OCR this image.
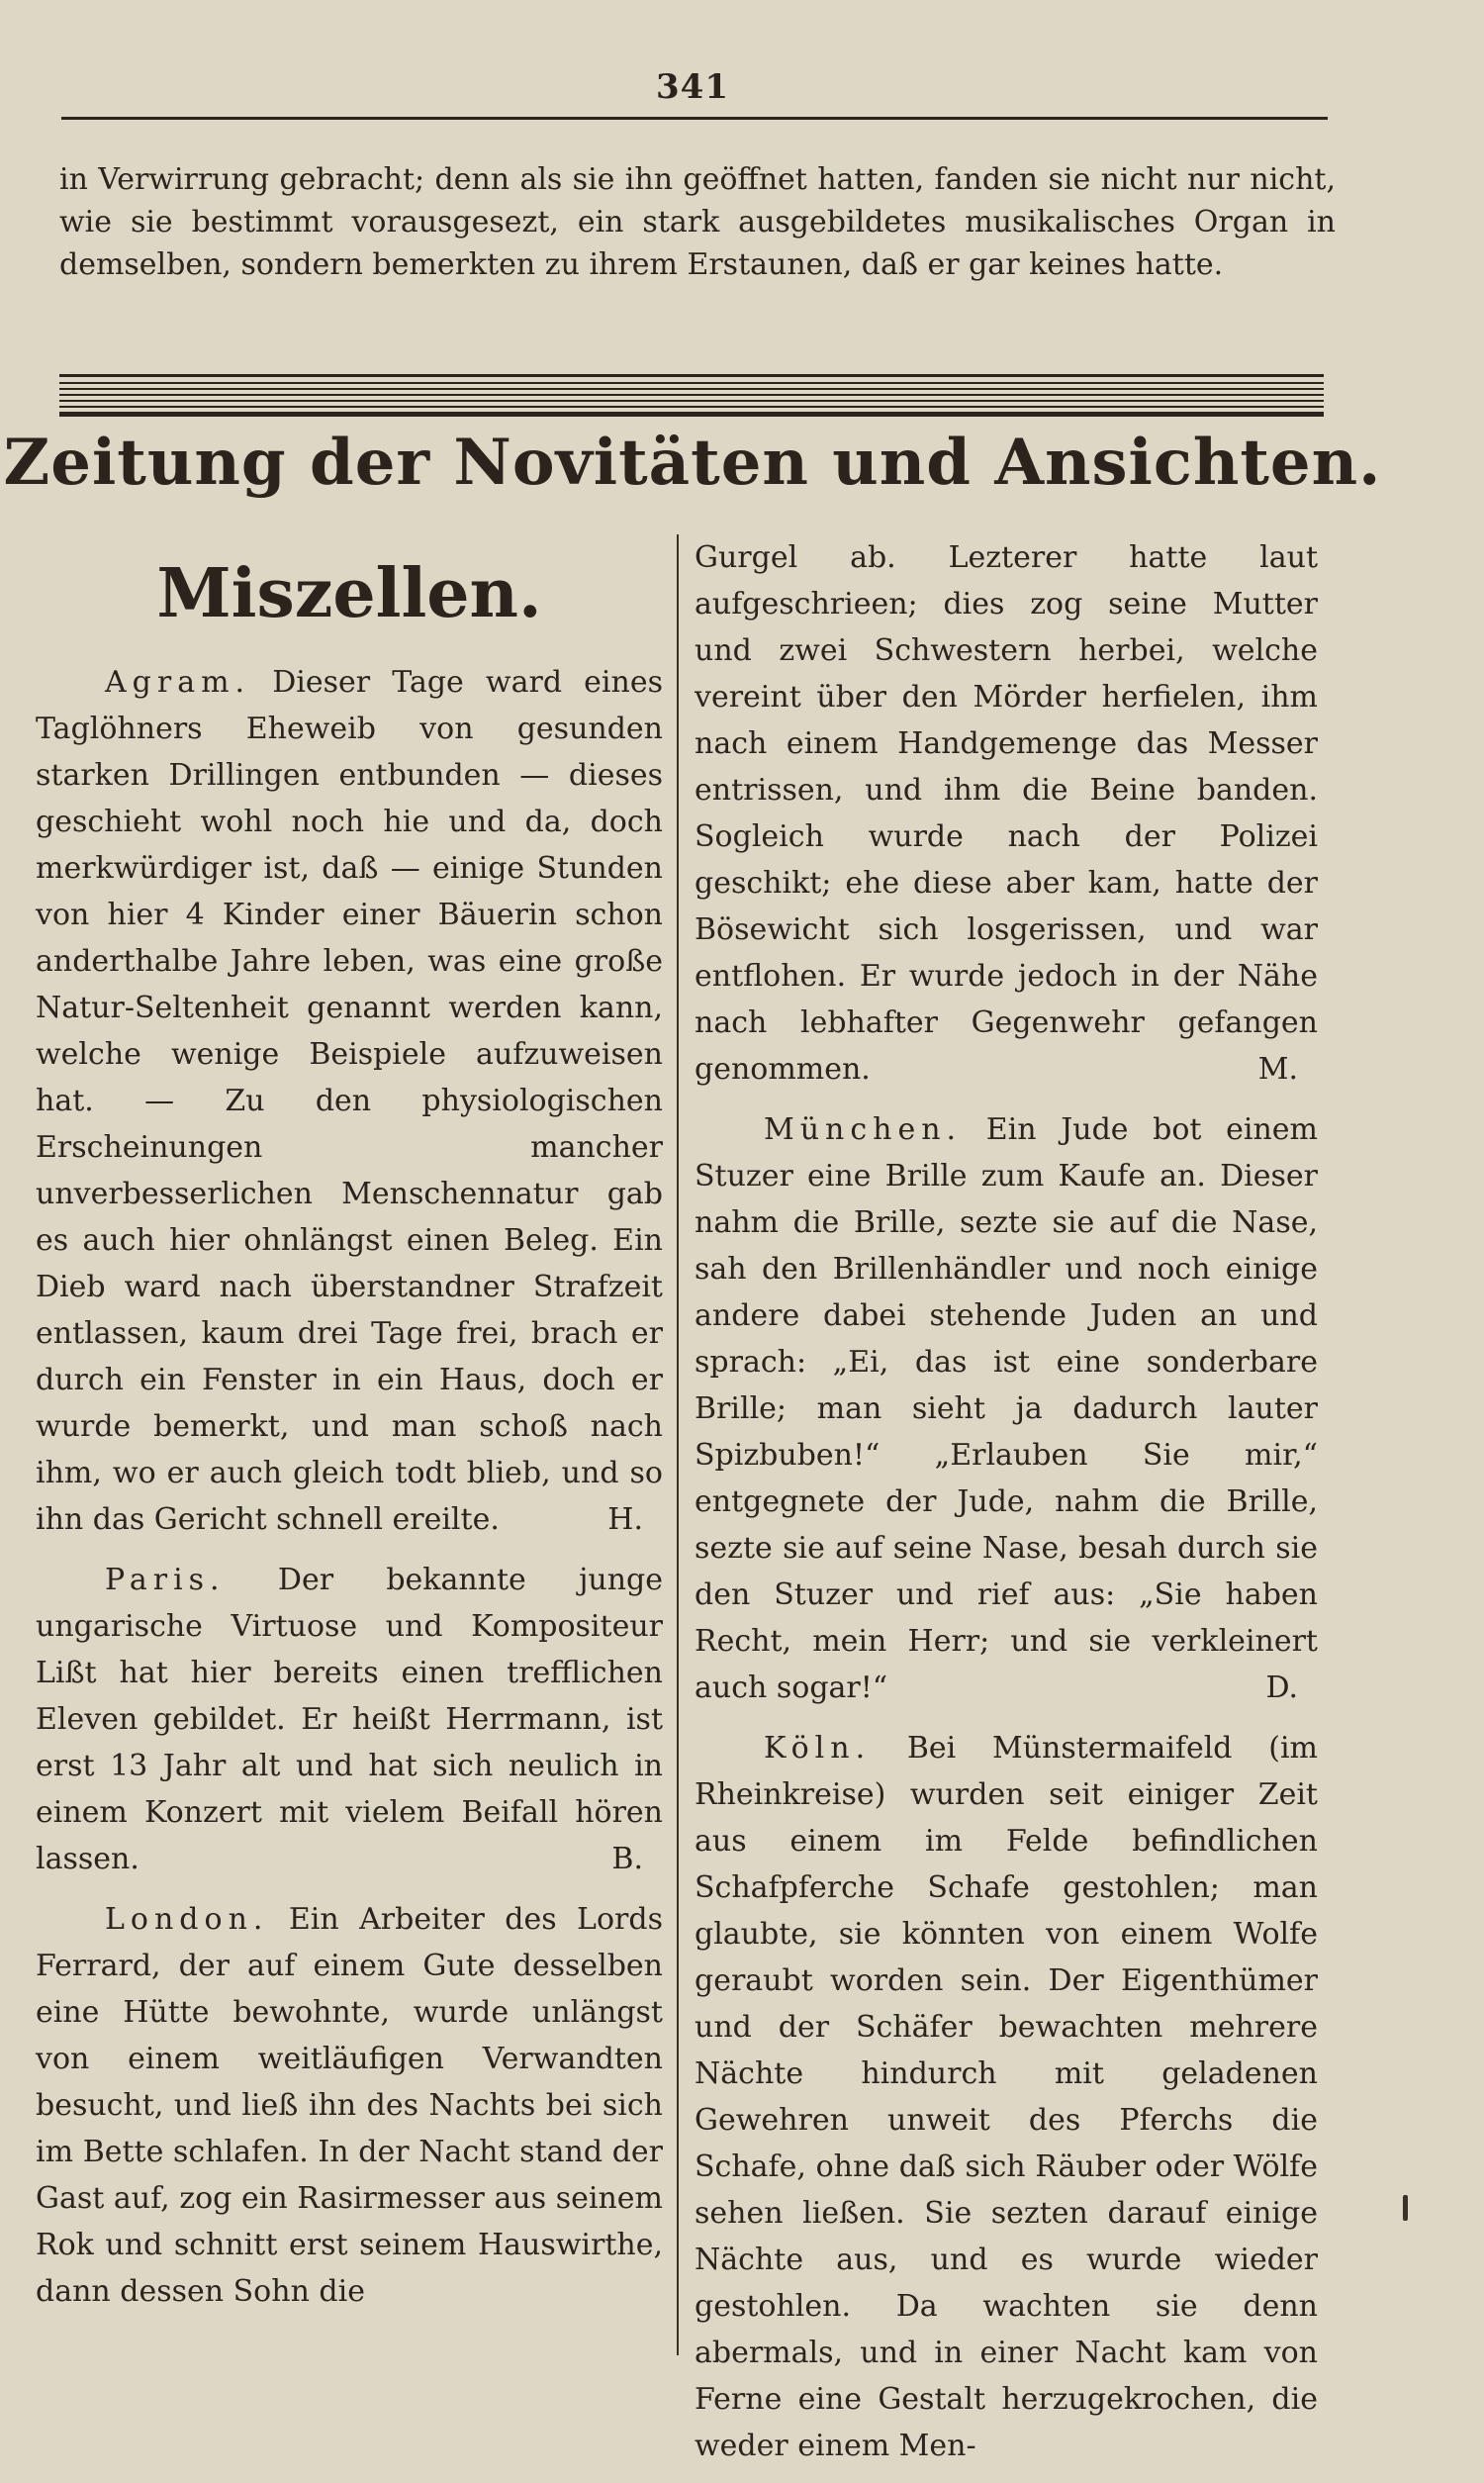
341
in Verwirrung gebracht; denn als sie ihn geöffnet hatten, fanden sie nicht nur nicht, wie sie bestimmt vorausgesezt, ein stark ausgebildetes musikalisches Organ in demselben, sondern bemerkten zu ihrem Erstaunen, daß er gar keines hatte.
Zeitung der Novitäten und Ansichten.
Miszellen.

Agram. Dieser Tage ward eines Taglöhners Eheweib von gesunden starken Drillingen entbunden — dieses geschieht wohl noch hie und da, doch merkwürdiger ist, daß — einige Stunden von hier 4 Kinder einer Bäuerin schon anderthalbe Jahre leben, was eine große Natur-Seltenheit genannt werden kann, welche wenige Beispiele aufzuweisen hat. — Zu den physiologischen Erscheinungen mancher unverbesserlichen Menschennatur gab es auch hier ohnlängst einen Beleg. Ein Dieb ward nach überstandner Strafzeit entlassen, kaum drei Tage frei, brach er durch ein Fenster in ein Haus, doch er wurde bemerkt, und man schoß nach ihm, wo er auch gleich todt blieb, und so ihn das Gericht schnell ereilte.	H.

Paris. Der bekannte junge ungarische Virtuose und Kompositeur Lißt hat hier bereits einen trefflichen Eleven gebildet. Er heißt Herrmann, ist erst 13 Jahr alt und hat sich neulich in einem Konzert mit vielem Beifall hören lassen.	B.

London. Ein Arbeiter des Lords Ferrard, der auf einem Gute desselben eine Hütte bewohnte, wurde unlängst von einem weitläufigen Verwandten besucht, und ließ ihn des Nachts bei sich im Bette schlafen. In der Nacht stand der Gast auf, zog ein Rasirmesser aus seinem Rok und schnitt erst seinem Hauswirthe, dann dessen Sohn die

Gurgel ab. Lezterer hatte laut aufgeschrieen; dies zog seine Mutter und zwei Schwestern herbei, welche vereint über den Mörder herfielen, ihm nach einem Handgemenge das Messer entrissen, und ihm die Beine banden. Sogleich wurde nach der Polizei geschikt; ehe diese aber kam, hatte der Bösewicht sich losgerissen, und war entflohen. Er wurde jedoch in der Nähe nach lebhafter Gegenwehr gefangen genommen.	M.

München. Ein Jude bot einem Stuzer eine Brille zum Kaufe an. Dieser nahm die Brille, sezte sie auf die Nase, sah den Brillenhändler und noch einige andere dabei stehende Juden an und sprach: „Ei, das ist eine sonderbare Brille; man sieht ja dadurch lauter Spizbuben!“ „Erlauben Sie mir,“ entgegnete der Jude, nahm die Brille, sezte sie auf seine Nase, besah durch sie den Stuzer und rief aus: „Sie haben Recht, mein Herr; und sie verkleinert auch sogar!“	D.

Köln. Bei Münstermaifeld (im Rheinkreise) wurden seit einiger Zeit aus einem im Felde befindlichen Schafpferche Schafe gestohlen; man glaubte, sie könnten von einem Wolfe geraubt worden sein. Der Eigenthümer und der Schäfer bewachten mehrere Nächte hindurch mit geladenen Gewehren unweit des Pferchs die Schafe, ohne daß sich Räuber oder Wölfe sehen ließen. Sie sezten darauf einige Nächte aus, und es wurde wieder gestohlen. Da wachten sie denn abermals, und in einer Nacht kam von Ferne eine Gestalt herzugekrochen, die weder einem Men-
